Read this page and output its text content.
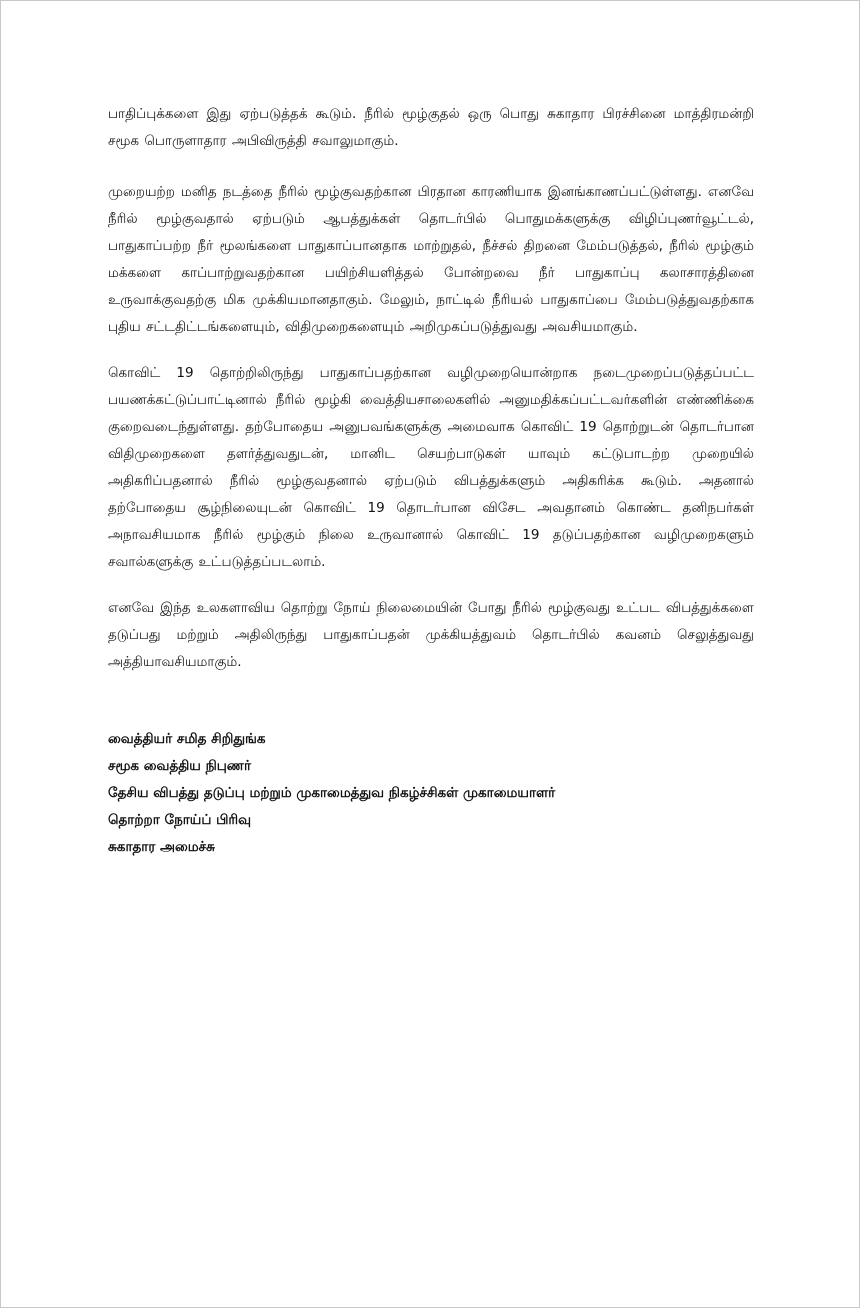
பாதிப்புக்களை இது ஏற்படுத்தக் கூடும். நீரில் மூழ்குதல் ஒரு பொது சுகாதார பிரச்சினை மாத்திரமன்றி சமூக பொருளாதார அபிவிருத்தி சவாலுமாகும்.

முறையற்ற மனித நடத்தை நீரில் மூழ்குவதற்கான பிரதான காரணியாக இனங்காணப்பட்டுள்ளது. எனவே நீரில் மூழ்குவதால் ஏற்படும் ஆபத்துக்கள் தொடர்பில் பொதுமக்களுக்கு விழிப்புணர்வூட்டல், பாதுகாப்பற்ற நீர் மூலங்களை பாதுகாப்பானதாக மாற்றுதல், நீச்சல் திறனை மேம்படுத்தல், நீரில் மூழ்கும் மக்களை காப்பாற்றுவதற்கான பயிற்சியளித்தல் போன்றவை நீர் பாதுகாப்பு கலாசாரத்தினை உருவாக்குவதற்கு மிக முக்கியமானதாகும். மேலும், நாட்டில் நீரியல் பாதுகாப்பை மேம்படுத்துவதற்காக புதிய சட்டதிட்டங்களையும், விதிமுறைகளையும் அறிமுகப்படுத்துவது அவசியமாகும்.

கொவிட் 19 தொற்றிலிருந்து பாதுகாப்பதற்கான வழிமுறையொன்றாக நடைமுறைப்படுத்தப்பட்ட பயணக்கட்டுப்பாட்டினால் நீரில் மூழ்கி வைத்தியசாலைகளில் அனுமதிக்கப்பட்டவர்களின் எண்ணிக்கை குறைவடைந்துள்ளது. தற்போதைய அனுபவங்களுக்கு அமைவாக கொவிட் 19 தொற்றுடன் தொடர்பான விதிமுறைகளை தளர்த்துவதுடன், மானிட செயற்பாடுகள் யாவும் கட்டுபாடற்ற முறையில் அதிகரிப்பதனால் நீரில் மூழ்குவதனால் ஏற்படும் விபத்துக்களும் அதிகரிக்க கூடும். அதனால் தற்போதைய சூழ்நிலையுடன் கொவிட் 19 தொடர்பான விசேட அவதானம் கொண்ட தனிநபர்கள் அநாவசியமாக நீரில் மூழ்கும் நிலை உருவானால் கொவிட் 19 தடுப்பதற்கான வழிமுறைகளும் சவால்களுக்கு உட்படுத்தப்படலாம்.

எனவே இந்த உலகளாவிய தொற்று நோய் நிலைமையின் போது நீரில் மூழ்குவது உட்பட விபத்துக்களை தடுப்பது மற்றும் அதிலிருந்து பாதுகாப்பதன் முக்கியத்துவம் தொடர்பில் கவனம் செலுத்துவது அத்தியாவசியமாகும்.

வைத்தியர் சமித சிறிதுங்க
சமூக வைத்திய நிபுணர்
தேசிய விபத்து தடுப்பு மற்றும் முகாமைத்துவ நிகழ்ச்சிகள் முகாமையாளர்
தொற்றா நோய்ப் பிரிவு
சுகாதார அமைச்சு
